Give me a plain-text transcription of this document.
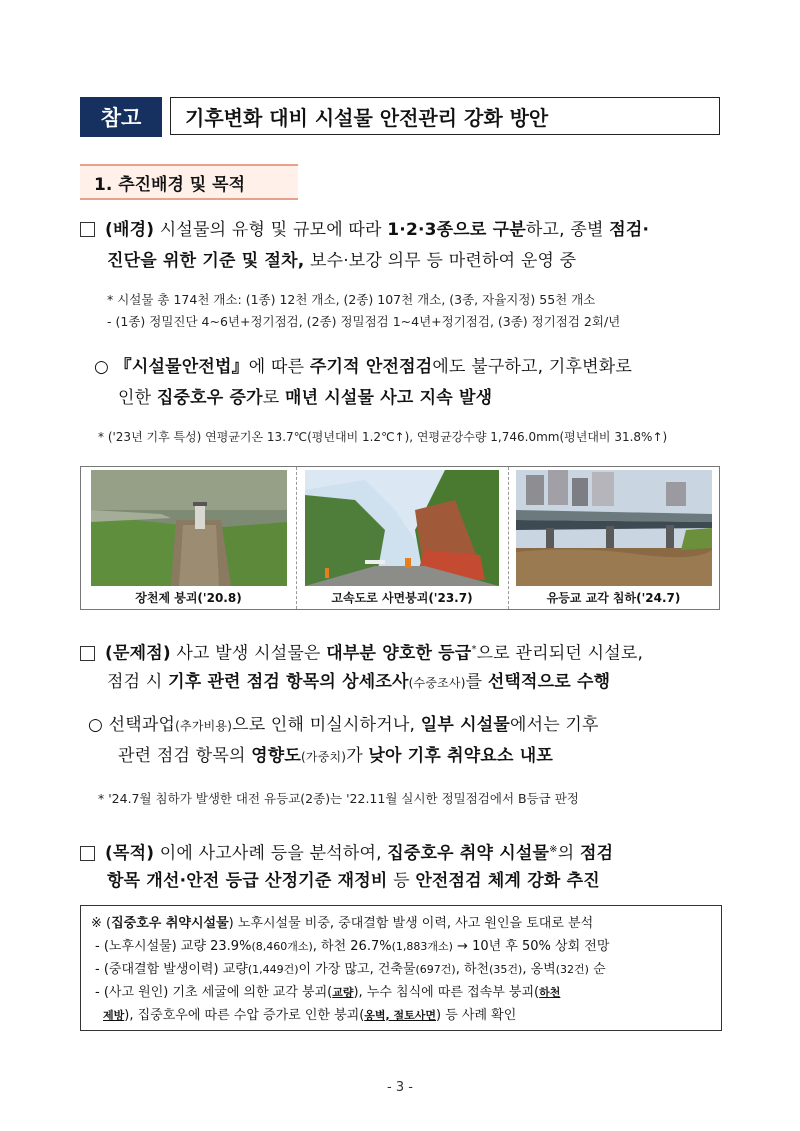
참고	기후변화 대비 시설물 안전관리 강화 방안
1. 추진배경 및 목적
(배경) 시설물의 유형 및 규모에 따라 1·2·3종으로 구분하고, 종별 점검·
진단을 위한 기준 및 절차, 보수·보강 의무 등 마련하여 운영 중
* 시설물 총 174천 개소: (1종) 12천 개소, (2종) 107천 개소, (3종, 자율지정) 55천 개소
- (1종) 정밀진단 4~6년+정기점검, (2종) 정밀점검 1~4년+정기점검, (3종) 정기점검 2회/년
○ 『시설물안전법』에 따른 주기적 안전점검에도 불구하고, 기후변화로
인한 집중호우 증가로 매년 시설물 사고 지속 발생
* ('23년 기후 특성) 연평균기온 13.7℃(평년대비 1.2℃↑), 연평균강수량 1,746.0mm(평년대비 31.8%↑)
장천제 붕괴('20.8)	고속도로 사면붕괴('23.7)	유등교 교각 침하('24.7)
(문제점) 사고 발생 시설물은 대부분 양호한 등급*으로 관리되던 시설로,
점검 시 기후 관련 점검 항목의 상세조사(수중조사)를 선택적으로 수행
○ 선택과업(추가비용)으로 인해 미실시하거나, 일부 시설물에서는 기후
관련 점검 항목의 영향도(가중치)가 낮아 기후 취약요소 내포
* '24.7월 침하가 발생한 대전 유등교(2종)는 '22.11월 실시한 정밀점검에서 B등급 판정
(목적) 이에 사고사례 등을 분석하여, 집중호우 취약 시설물※의 점검
항목 개선·안전 등급 산정기준 재정비 등 안전점검 체계 강화 추진
※ (집중호우 취약시설물) 노후시설물 비중, 중대결함 발생 이력, 사고 원인을 토대로 분석
- (노후시설물) 교량 23.9%(8,460개소), 하천 26.7%(1,883개소) → 10년 후 50% 상회 전망
- (중대결함 발생이력) 교량(1,449건)이 가장 많고, 건축물(697건), 하천(35건), 옹벽(32건) 순
- (사고 원인) 기초 세굴에 의한 교각 붕괴(교량), 누수 침식에 따른 접속부 붕괴(하천
제방), 집중호우에 따른 수압 증가로 인한 붕괴(옹벽, 절토사면) 등 사례 확인
- 3 -
